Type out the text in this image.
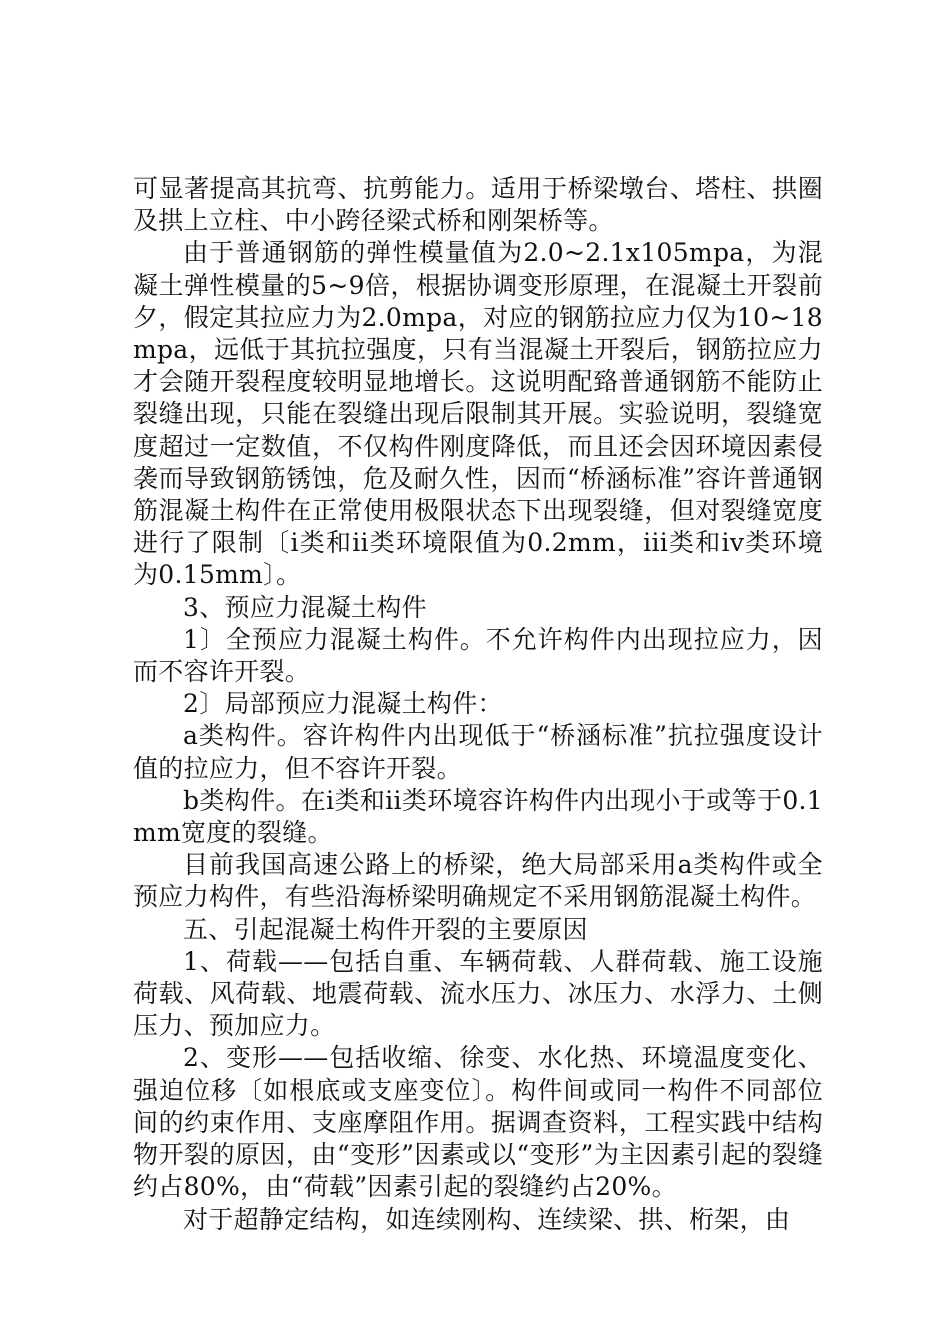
可显著提高其抗弯、抗剪能力。适用于桥梁墩台、塔柱、拱圈及拱上立柱、中小跨径梁式桥和刚架桥等。

由于普通钢筋的弹性模量值为2.0~2.1x105mpa，为混凝土弹性模量的5~9倍，根据协调变形原理，在混凝土开裂前夕，假定其拉应力为2.0mpa，对应的钢筋拉应力仅为10~18mpa，远低于其抗拉强度，只有当混凝土开裂后，钢筋拉应力才会随开裂程度较明显地增长。这说明配臵普通钢筋不能防止裂缝出现，只能在裂缝出现后限制其开展。实验说明，裂缝宽度超过一定数值，不仅构件刚度降低，而且还会因环境因素侵袭而导致钢筋锈蚀，危及耐久性，因而“桥涵标准”容许普通钢筋混凝土构件在正常使用极限状态下出现裂缝，但对裂缝宽度进行了限制〔i类和ii类环境限值为0.2mm，iii类和iv类环境为0.15mm〕。

3、预应力混凝土构件

1〕全预应力混凝土构件。不允许构件内出现拉应力，因而不容许开裂。

2〕局部预应力混凝土构件：

a类构件。容许构件内出现低于“桥涵标准”抗拉强度设计值的拉应力，但不容许开裂。

b类构件。在i类和ii类环境容许构件内出现小于或等于0.1mm宽度的裂缝。

目前我国高速公路上的桥梁，绝大局部采用a类构件或全预应力构件，有些沿海桥梁明确规定不采用钢筋混凝土构件。

五、引起混凝土构件开裂的主要原因

1、荷载——包括自重、车辆荷载、人群荷载、施工设施荷载、风荷载、地震荷载、流水压力、冰压力、水浮力、土侧压力、预加应力。

2、变形——包括收缩、徐变、水化热、环境温度变化、强迫位移〔如根底或支座变位〕。构件间或同一构件不同部位间的约束作用、支座摩阻作用。据调查资料，工程实践中结构物开裂的原因，由“变形”因素或以“变形”为主因素引起的裂缝约占80%，由“荷载”因素引起的裂缝约占20%。

对于超静定结构，如连续刚构、连续梁、拱、桁架，由
